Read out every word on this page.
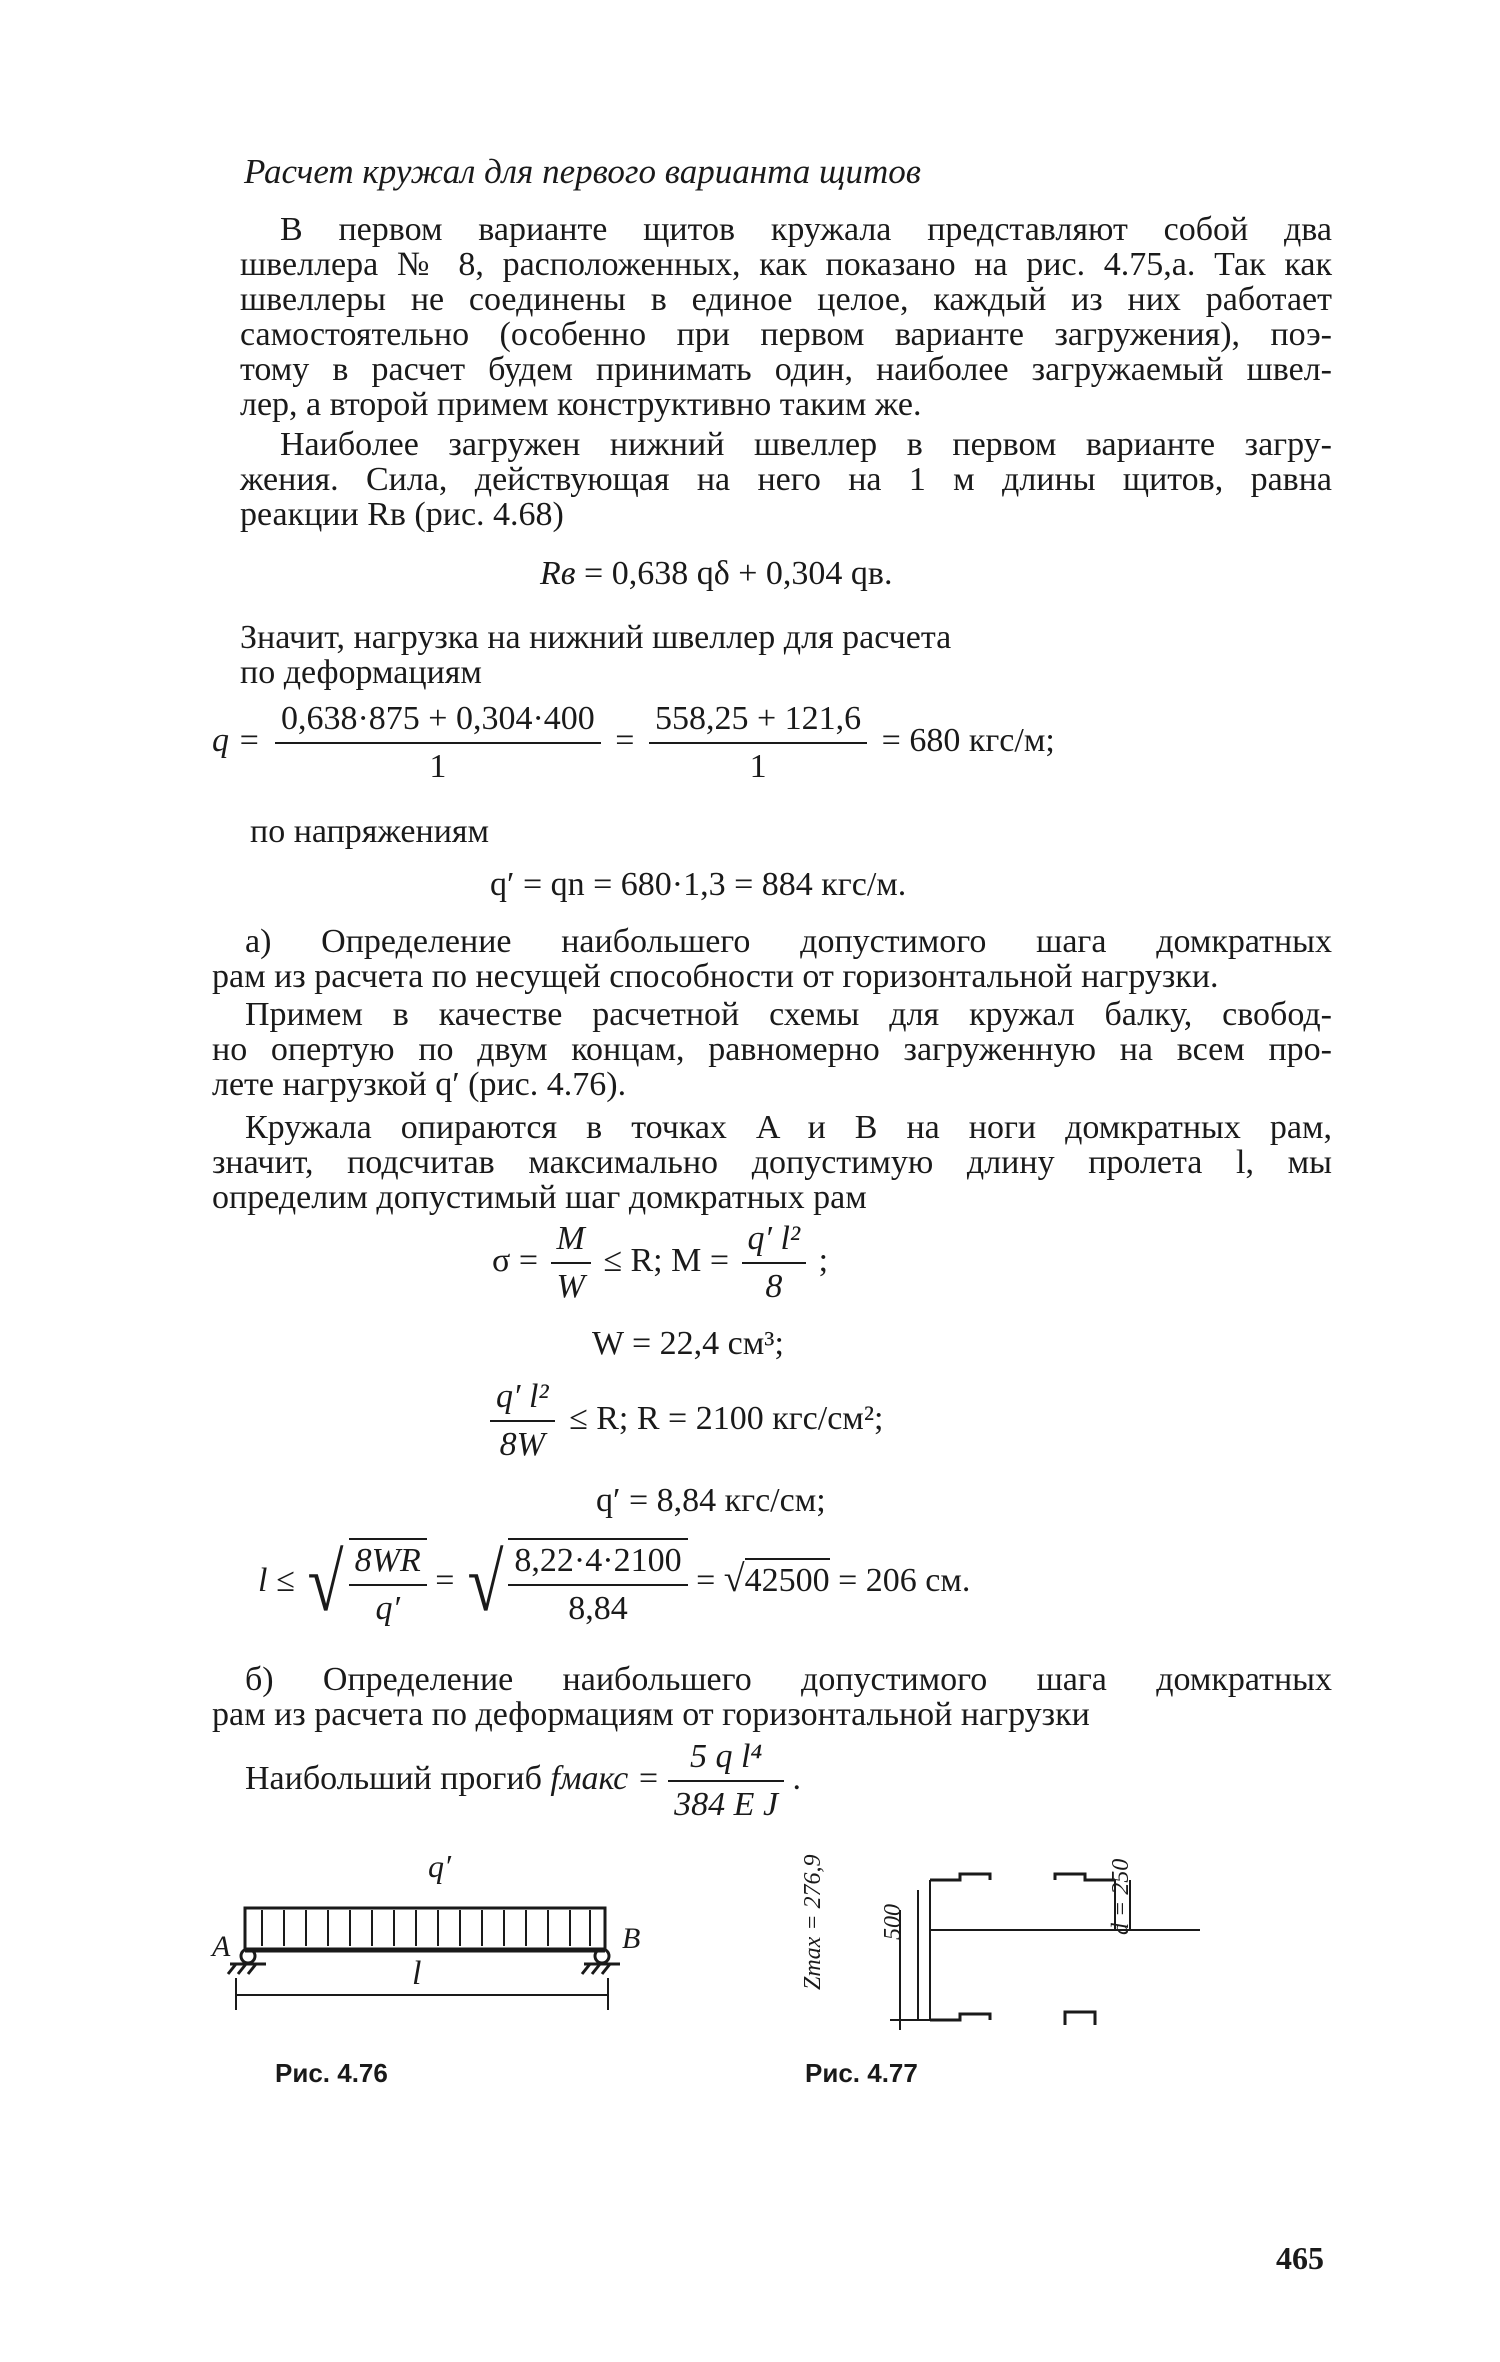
Расчет кружал для первого варианта щитов
В первом варианте щитов кружала представляют собой два
швеллера № 8, расположенных, как показано на рис. 4.75,а. Так как
швеллеры не соединены в единое целое, каждый из них работает
самостоятельно (особенно при первом варианте загружения), поэ-
тому в расчет будем принимать один, наиболее загружаемый швел-
лер, а второй примем конструктивно таким же.
Наиболее загружен нижний швеллер в первом варианте загру-
жения. Сила, действующая на него на 1 м длины щитов, равна
реакции Rв (рис. 4.68)
Rв = 0,638 qδ + 0,304 qв.
Значит, нагрузка на нижний швеллер для расчета
по деформациям
$q = \frac{0,638\cdot 875 + 0,304\cdot 400}{1} = \frac{558,25 + 121,6}{1} = 680$ кгс/м;
по напряжениям
q′ = qn = 680·1,3 = 884 кгс/м.
а) Определение наибольшего допустимого шага домкратных
рам из расчета по несущей способности от горизонтальной нагрузки.
Примем в качестве расчетной схемы для кружал балку, свобод-
но опертую по двум концам, равномерно загруженную на всем про-
лете нагрузкой q′ (рис. 4.76).
Кружала опираются в точках A и B на ноги домкратных рам,
значит, подсчитав максимально допустимую длину пролета l, мы
определим допустимый шаг домкратных рам
$\sigma = \frac{M}{W} \le R$; $M = \frac{\text{q′ l²}}{8}$ ;
W = 22,4 см³;
$\frac{\text{q′ l²}}{8W} \le R$; R = 2100 кгс/см²;
q′ = 8,84 кгс/см;
l ≤ √ $\frac{8WR}{q'}$ = √ $\frac{8,22\cdot 4\cdot 2100}{8,84} = √42500 = 206$ см.
б) Определение наибольшего допустимого шага домкратных
рам из расчета по деформациям от горизонтальной нагрузки
Наибольший прогиб fмакс = $\frac{\text{5 q l⁴}}{\text{384 E J}}$ .
q′
A	B
l
Рис. 4.76
Zmax = 276,9 500	d = 250
Рис. 4.77
465
